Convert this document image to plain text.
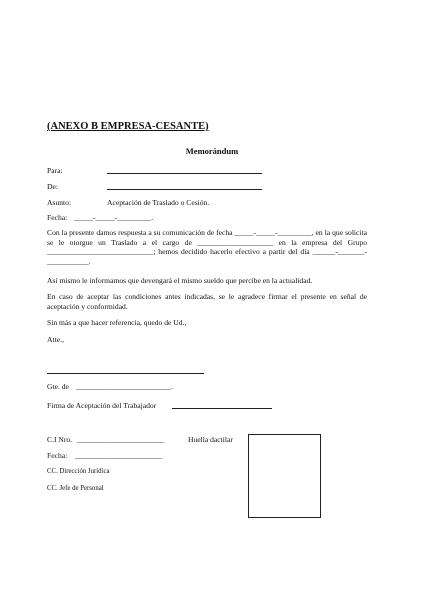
(ANEXO B EMPRESA-CESANTE)
Memorándum
Para:
De:
Asunto:	Aceptación de Traslado o Cesión.
Fecha: _____-_____-_________.
Con la presente damos respuesta a su comunicación de fecha _____-_____-_________, en la que solicita se le otorgue un Traslado a el cargo de ____________________ en la empresa del Grupo ____________________________; hemos decidido hacerlo efectivo a partir del día ______-_______-___________.
Así mismo le informamos que devengará el mismo sueldo que percibe en la actualidad.
En caso de aceptar las condiciones antes indicadas, se le agradece firmar el presente en señal de aceptación y conformidad.
Sin más a que hacer referencia, quedo de Ud.,
Atte.,
Gte. de _________________________.
Firma de Aceptación del Trabajador
C.I Nro. _______________________	Huella dactilar
Fecha: _______________________
CC. Dirección Jurídica
CC. Jefe de Personal
